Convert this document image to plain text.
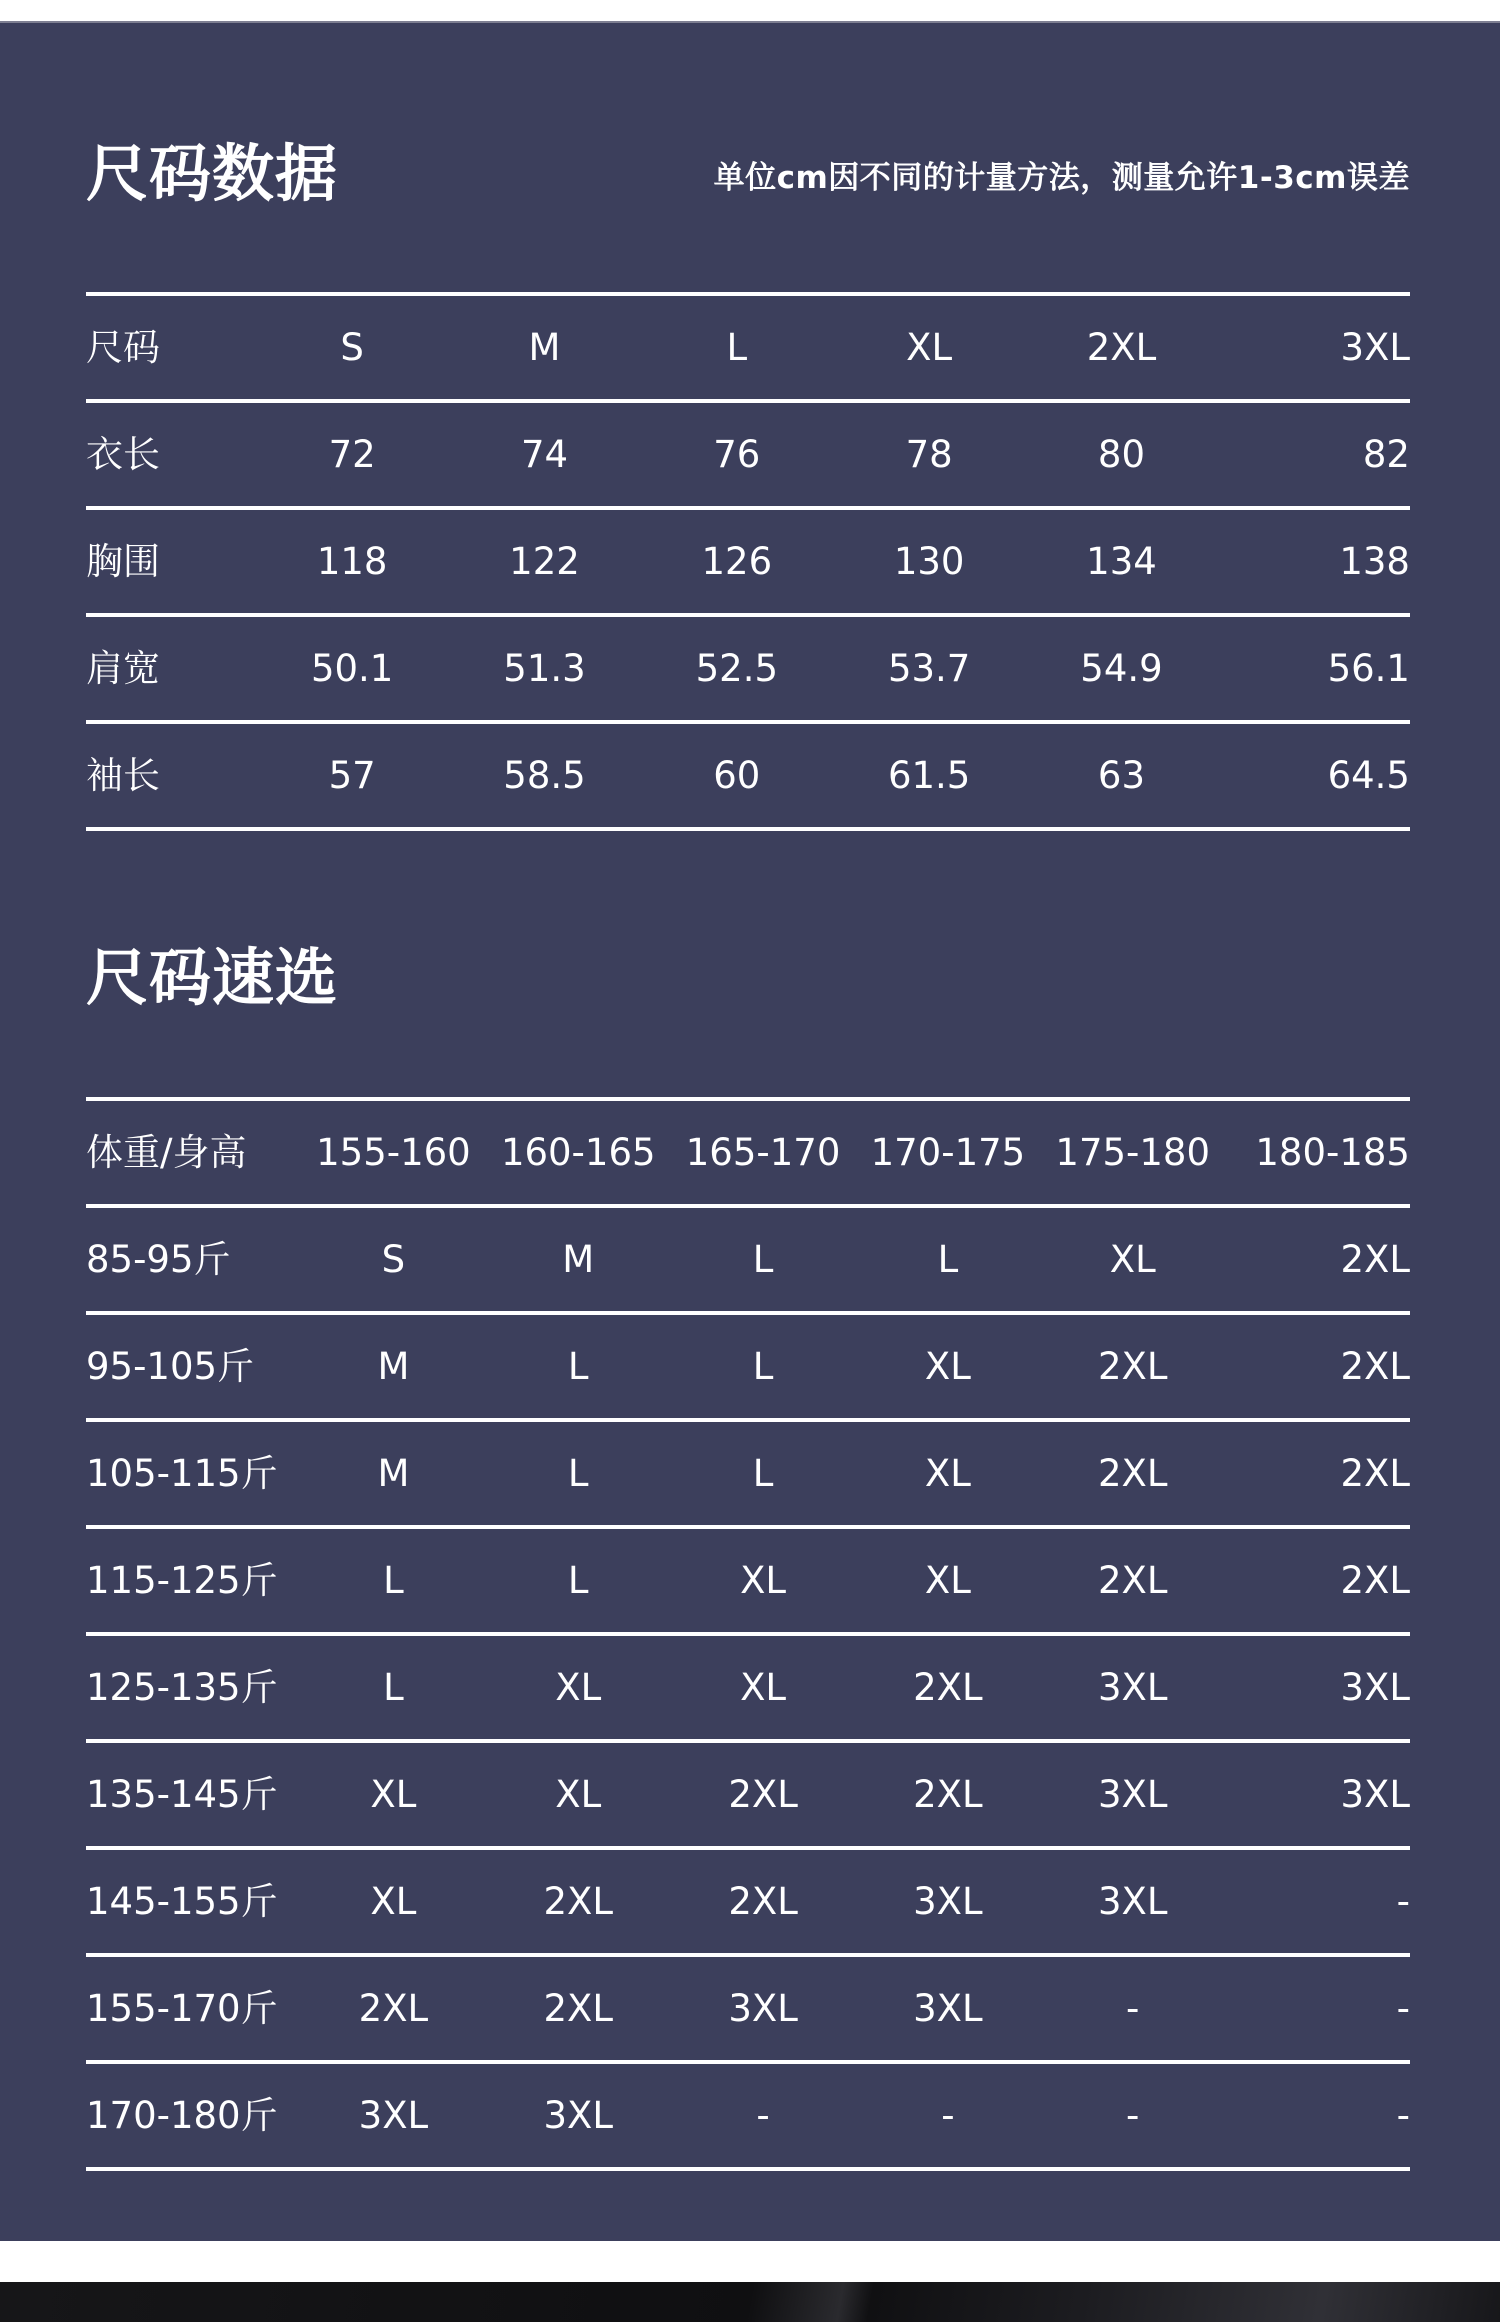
尺码数据	单位cm因不同的计量方法，测量允许1-3cm误差
尺码	S	M	L	XL	2XL	3XL
衣长	72	74	76	78	80	82
胸围	118	122	126	130	134	138
肩宽	50.1	51.3	52.5	53.7	54.9	56.1
袖长	57	58.5	60	61.5	63	64.5
尺码速选
体重/身高	155-160 160-165 165-170 170-175 175-180	180-185
85-95斤	S	M	L	L	XL	2XL
95-105斤	M	L	L	XL	2XL	2XL
105-115斤	M	L	L	XL	2XL	2XL
115-125斤	L	L	XL	XL	2XL	2XL
125-135斤	L	XL	XL	2XL	3XL	3XL
135-145斤	XL	XL	2XL	2XL	3XL	3XL
145-155斤	XL	2XL	2XL	3XL	3XL	-
155-170斤	2XL	2XL	3XL	3XL	-	-
170-180斤	3XL	3XL	-	-	-	-
